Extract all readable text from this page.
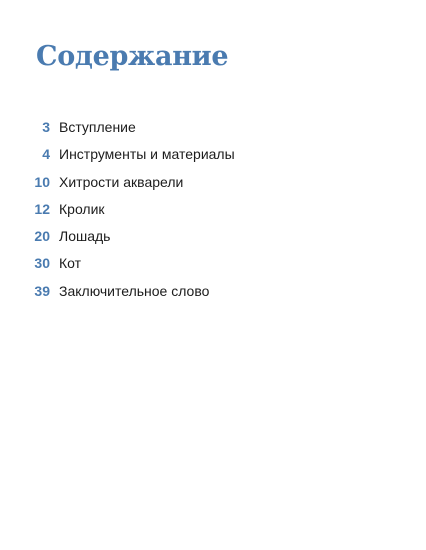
Содержание
3 Вступление
4 Инструменты и материалы
10 Хитрости акварели
12 Кролик
20 Лошадь
30 Кот
39 Заключительное слово
